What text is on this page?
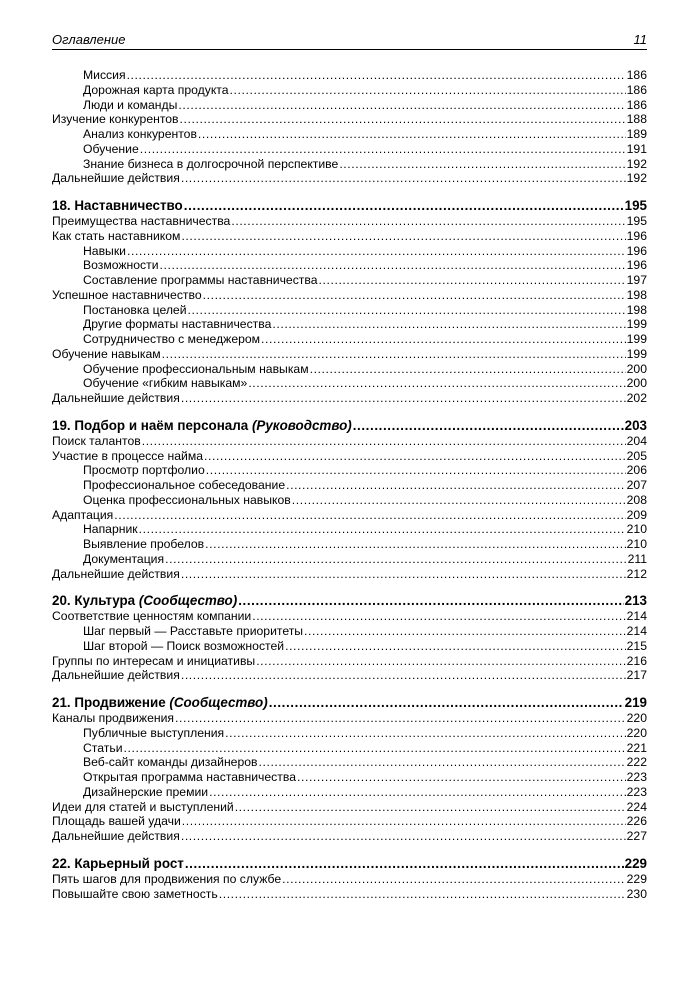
Оглавление	11
Миссия .....	186
Дорожная карта продукта .....	186
Люди и команды .....	186
Изучение конкурентов .....	188
Анализ конкурентов .....	189
Обучение .....	191
Знание бизнеса в долгосрочной перспективе .....	192
Дальнейшие действия .....	192
18. Наставничество .....	195
Преимущества наставничества .....	195
Как стать наставником .....	196
Навыки .....	196
Возможности .....	196
Составление программы наставничества .....	197
Успешное наставничество .....	198
Постановка целей .....	198
Другие форматы наставничества .....	199
Сотрудничество с менеджером .....	199
Обучение навыкам .....	199
Обучение профессиональным навыкам .....	200
Обучение «гибким навыкам» .....	200
Дальнейшие действия .....	202
19. Подбор и наём персонала (Руководство) .....	203
Поиск талантов .....	204
Участие в процессе найма .....	205
Просмотр портфолио .....	206
Профессиональное собеседование .....	207
Оценка профессиональных навыков .....	208
Адаптация .....	209
Напарник .....	210
Выявление пробелов .....	210
Документация .....	211
Дальнейшие действия .....	212
20. Культура (Сообщество) .....	213
Соответствие ценностям компании .....	214
Шаг первый — Расставьте приоритеты .....	214
Шаг второй — Поиск возможностей .....	215
Группы по интересам и инициативы .....	216
Дальнейшие действия .....	217
21. Продвижение (Сообщество) .....	219
Каналы продвижения .....	220
Публичные выступления .....	220
Статьи .....	221
Веб-сайт команды дизайнеров .....	222
Открытая программа наставничества .....	223
Дизайнерские премии .....	223
Идеи для статей и выступлений .....	224
Площадь вашей удачи .....	226
Дальнейшие действия .....	227
22. Карьерный рост .....	229
Пять шагов для продвижения по службе .....	229
Повышайте свою заметность .....	230
